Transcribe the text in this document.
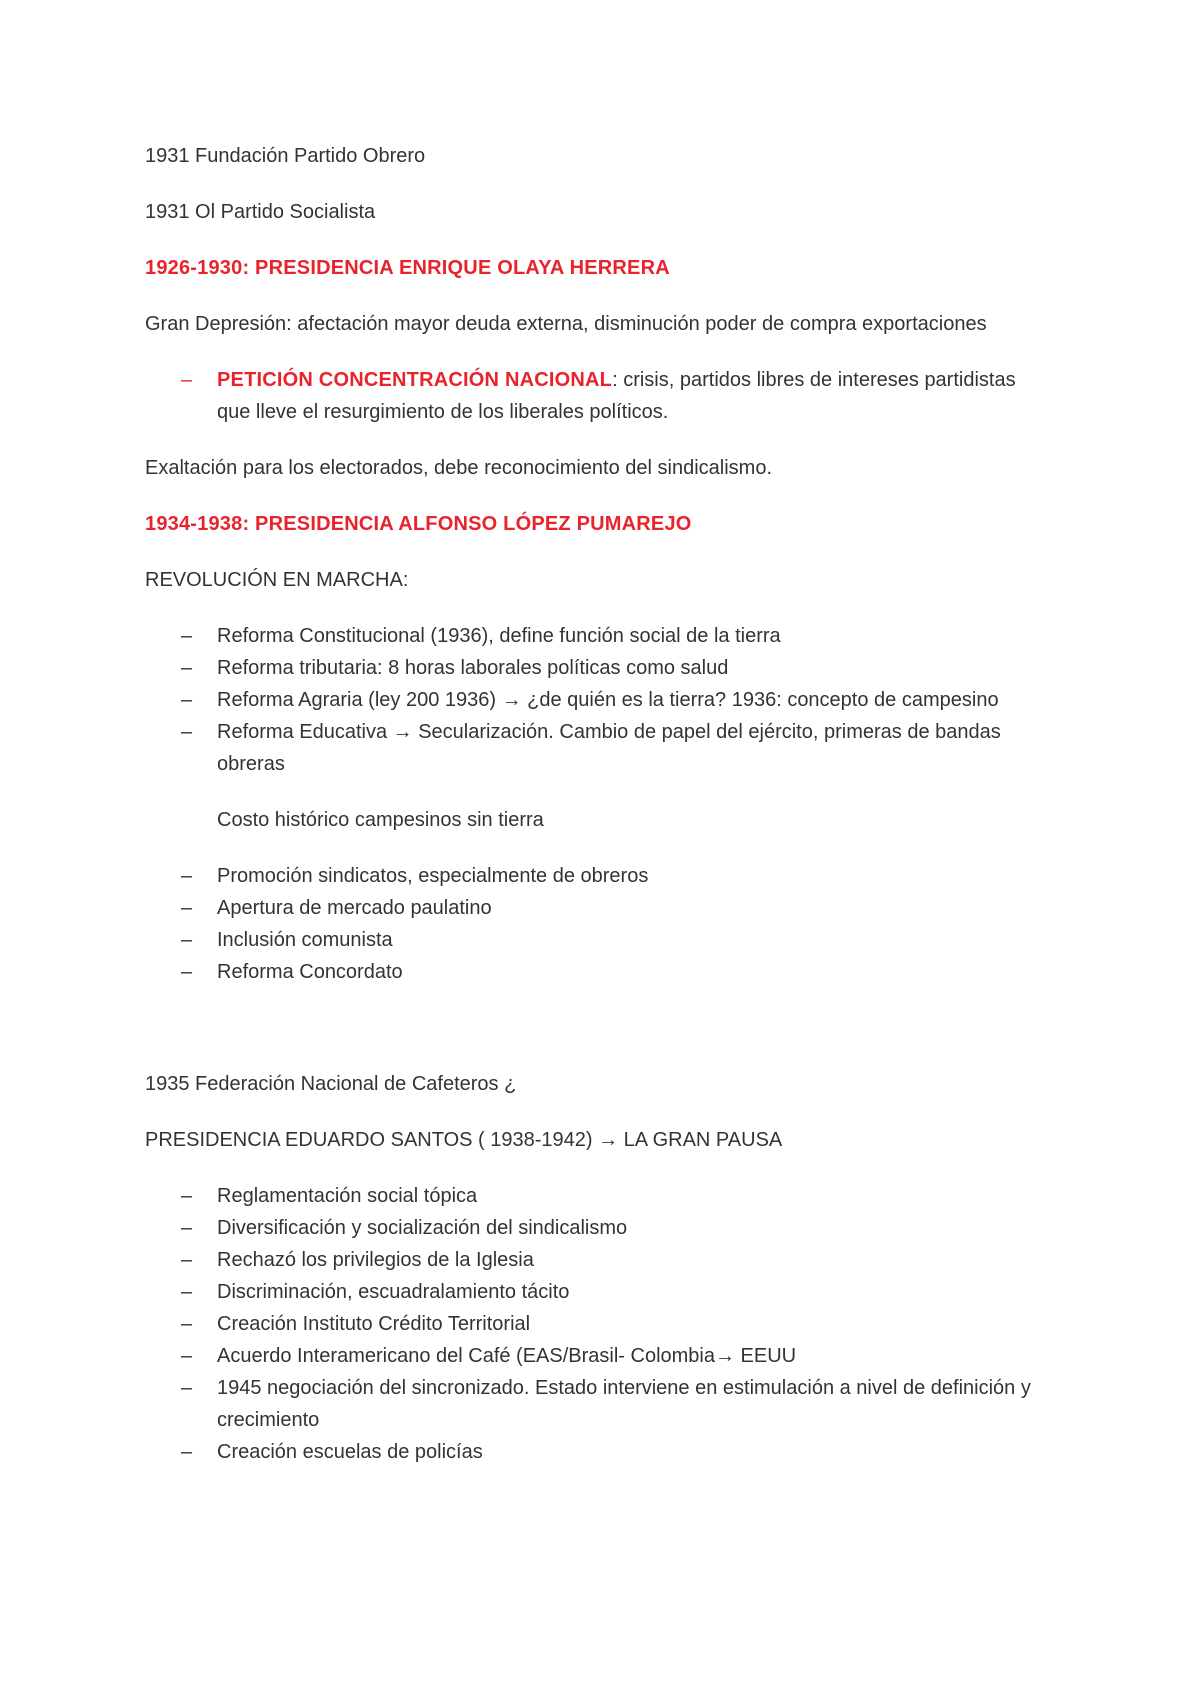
1931 Fundación Partido Obrero

1931 Ol Partido Socialista

1926-1930: PRESIDENCIA ENRIQUE OLAYA HERRERA

Gran Depresión: afectación mayor deuda externa, disminución poder de compra exportaciones

– PETICIÓN CONCENTRACIÓN NACIONAL: crisis, partidos libres de intereses partidistas que lleve el resurgimiento de los liberales políticos.

Exaltación para los electorados, debe reconocimiento del sindicalismo.

1934-1938: PRESIDENCIA ALFONSO LÓPEZ PUMAREJO

REVOLUCIÓN EN MARCHA:

– Reforma Constitucional (1936), define función social de la tierra
– Reforma tributaria: 8 horas laborales políticas como salud
– Reforma Agraria (ley 200 1936) → ¿de quién es la tierra? 1936: concepto de campesino
– Reforma Educativa → Secularización. Cambio de papel del ejército, primeras de bandas obreras

Costo histórico campesinos sin tierra

– Promoción sindicatos, especialmente de obreros
– Apertura de mercado paulatino
– Inclusión comunista
– Reforma Concordato

1935 Federación Nacional de Cafeteros ¿

PRESIDENCIA EDUARDO SANTOS ( 1938-1942) → LA GRAN PAUSA

– Reglamentación social tópica
– Diversificación y socialización del sindicalismo
– Rechazó los privilegios de la Iglesia
– Discriminación, escuadralamiento tácito
– Creación Instituto Crédito Territorial
– Acuerdo Interamericano del Café (EAS/Brasil- Colombia→ EEUU
– 1945 negociación del sincronizado. Estado interviene en estimulación a nivel de definición y crecimiento
– Creación escuelas de policías
